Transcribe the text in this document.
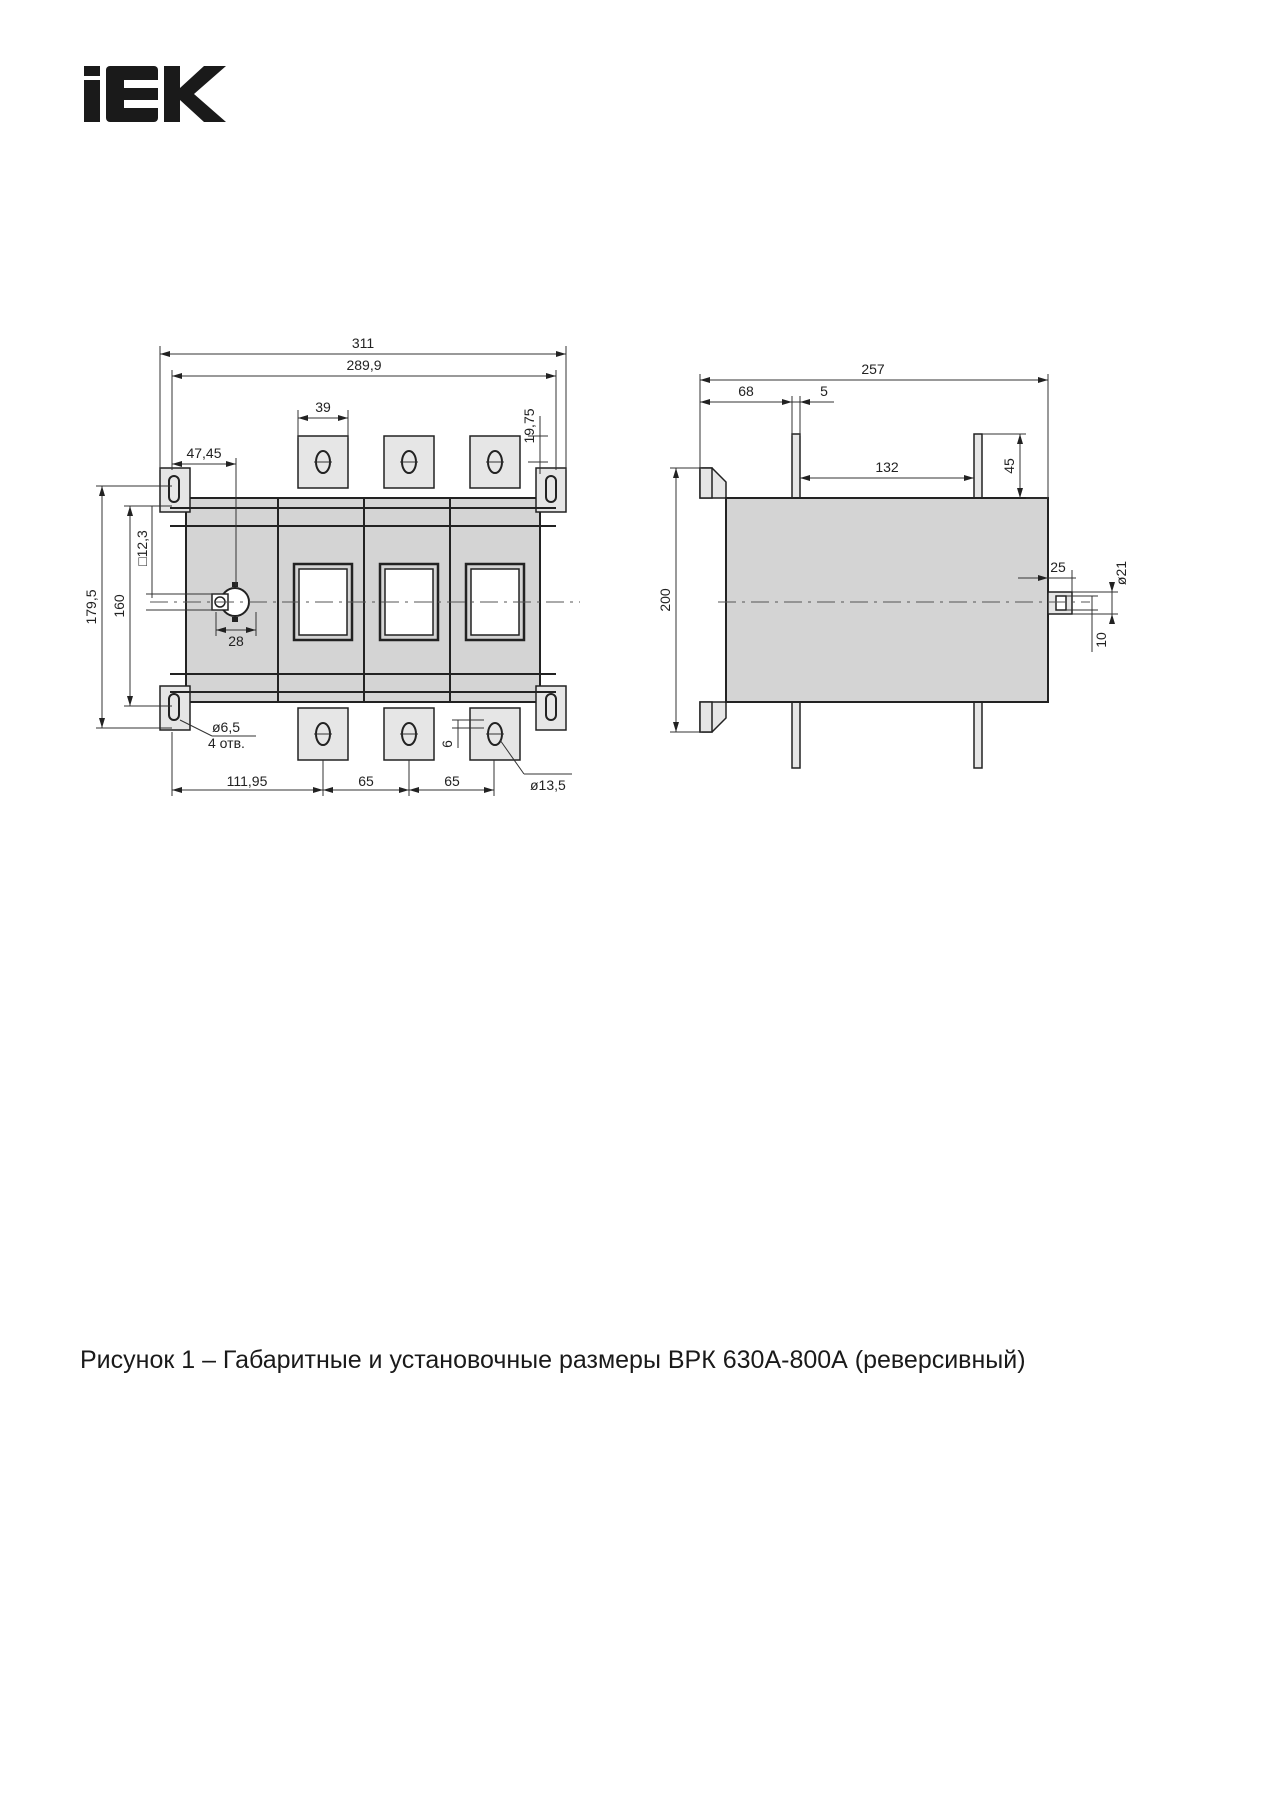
311
289,9
39
19,75
47,45
□12,3
179,5 160
28
ø6,5
4 отв.	6
ø13,5
111,95	65	65
257
68	5
132	45
25	ø21
200
10
Рисунок 1 – Габаритные и установочные размеры ВРК 630А-800А (реверсивный)
